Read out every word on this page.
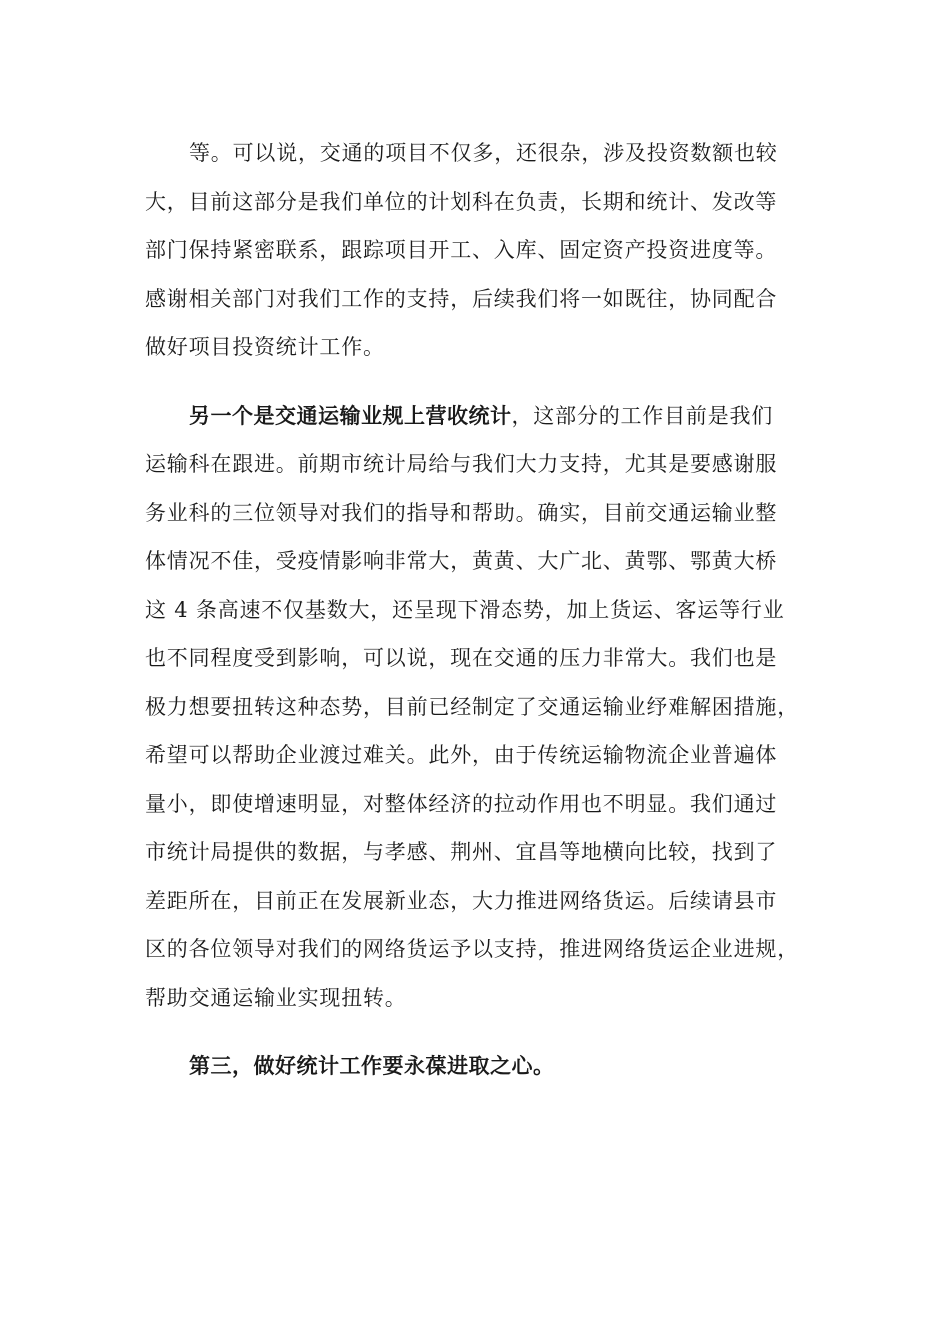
等。可以说，交通的项目不仅多，还很杂，涉及投资数额也较
大，目前这部分是我们单位的计划科在负责，长期和统计、发改等
部门保持紧密联系，跟踪项目开工、入库、固定资产投资进度等。
感谢相关部门对我们工作的支持，后续我们将一如既往，协同配合
做好项目投资统计工作。
另一个是交通运输业规上营收统计，这部分的工作目前是我们
运输科在跟进。前期市统计局给与我们大力支持，尤其是要感谢服
务业科的三位领导对我们的指导和帮助。确实，目前交通运输业整
体情况不佳，受疫情影响非常大，黄黄、大广北、黄鄂、鄂黄大桥
这 4 条高速不仅基数大，还呈现下滑态势，加上货运、客运等行业
也不同程度受到影响，可以说，现在交通的压力非常大。我们也是
极力想要扭转这种态势，目前已经制定了交通运输业纾难解困措施，
希望可以帮助企业渡过难关。此外，由于传统运输物流企业普遍体
量小，即使增速明显，对整体经济的拉动作用也不明显。我们通过
市统计局提供的数据，与孝感、荆州、宜昌等地横向比较，找到了
差距所在，目前正在发展新业态，大力推进网络货运。后续请县市
区的各位领导对我们的网络货运予以支持，推进网络货运企业进规，
帮助交通运输业实现扭转。
第三，做好统计工作要永葆进取之心。
